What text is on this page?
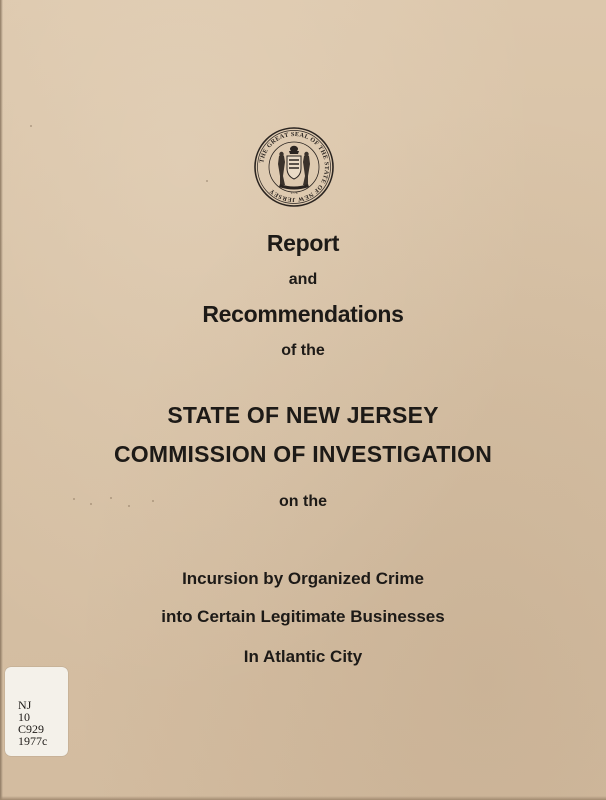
THE GREAT SEAL OF THE STATE OF NEW JERSEY	1776
Report
and
Recommendations
of the
STATE OF NEW JERSEY
COMMISSION OF INVESTIGATION
on the
Incursion by Organized Crime
into Certain Legitimate Businesses
In Atlantic City
NJ
10
C929
1977c
